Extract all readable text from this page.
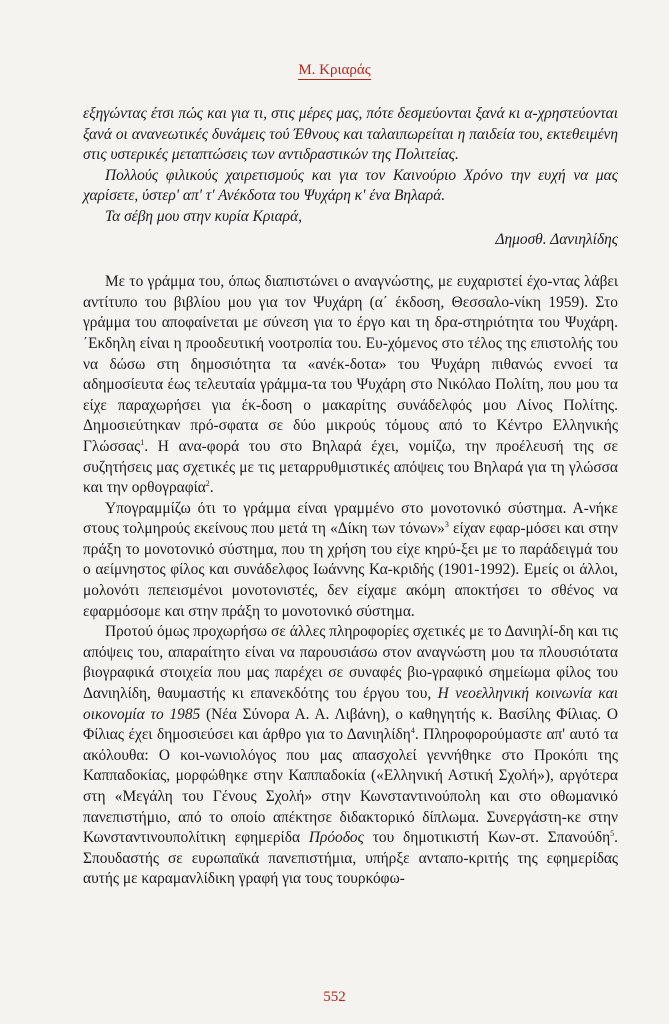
Μ. Κριαράς

εξηγώντας έτσι πώς και για τι, στις μέρες μας, πότε δεσμεύονται ξανά κι α-χρηστεύονται ξανά οι ανανεωτικές δυνάμεις τού Έθνους και ταλαιπωρείται η παιδεία του, εκτεθειμένη στις υστερικές μεταπτώσεις των αντιδραστικών της Πολιτείας.

Πολλούς φιλικούς χαιρετισμούς και για τον Καινούριο Χρόνο την ευχή να μας χαρίσετε, ύστερ' απ' τ' Ανέκδοτα του Ψυχάρη κ' ένα Βηλαρά.

Τα σέβη μου στην κυρία Κριαρά,

Δημοσθ. Δανιηλίδης

Με το γράμμα του, όπως διαπιστώνει ο αναγνώστης, με ευχαριστεί έχο-ντας λάβει αντίτυπο του βιβλίου μου για τον Ψυχάρη (α΄ έκδοση, Θεσσαλο-νίκη 1959). Στο γράμμα του αποφαίνεται με σύνεση για το έργο και τη δρα-στηριότητα του Ψυχάρη. ΄Εκδηλη είναι η προοδευτική νοοτροπία του. Ευ-χόμενος στο τέλος της επιστολής του να δώσω στη δημοσιότητα τα «ανέκ-δοτα» του Ψυχάρη πιθανώς εννοεί τα αδημοσίευτα έως τελευταία γράμμα-τα του Ψυχάρη στο Νικόλαο Πολίτη, που μου τα είχε παραχωρήσει για έκ-δοση ο μακαρίτης συνάδελφός μου Λίνος Πολίτης. Δημοσιεύτηκαν πρό-σφατα σε δύο μικρούς τόμους από το Κέντρο Ελληνικής Γλώσσας$^1$. Η ανα-φορά του στο Βηλαρά έχει, νομίζω, την προέλευσή της σε συζητήσεις μας σχετικές με τις μεταρρυθμιστικές απόψεις του Βηλαρά για τη γλώσσα και την ορθογραφία$^2$.

Υπογραμμίζω ότι το γράμμα είναι γραμμένο στο μονοτονικό σύστημα. Α-νήκε στους τολμηρούς εκείνους που μετά τη «Δίκη των τόνων»$^3$ είχαν εφαρ-μόσει και στην πράξη το μονοτονικό σύστημα, που τη χρήση του είχε κηρύ-ξει με το παράδειγμά του ο αείμνηστος φίλος και συνάδελφος Ιωάννης Κα-κριδής (1901-1992). Εμείς οι άλλοι, μολονότι πεπεισμένοι μονοτονιστές, δεν είχαμε ακόμη αποκτήσει το σθένος να εφαρμόσομε και στην πράξη το μονοτονικό σύστημα.

Προτού όμως προχωρήσω σε άλλες πληροφορίες σχετικές με το Δανιηλί-δη και τις απόψεις του, απαραίτητο είναι να παρουσιάσω στον αναγνώστη μου τα πλουσιότατα βιογραφικά στοιχεία που μας παρέχει σε συναφές βιο-γραφικό σημείωμα φίλος του Δανιηλίδη, θαυμαστής κι επανεκδότης του έργου του, Η νεοελληνική κοινωνία και οικονομία το 1985 (Νέα Σύνορα Α. Α. Λιβάνη), ο καθηγητής κ. Βασίλης Φίλιας. Ο Φίλιας έχει δημοσιεύσει και άρθρο για το Δανιηλίδη$^4$. Πληροφορούμαστε απ' αυτό τα ακόλουθα: Ο κοι-νωνιολόγος που μας απασχολεί γεννήθηκε στο Προκόπι της Καππαδοκίας, μορφώθηκε στην Καππαδοκία («Ελληνική Αστική Σχολή»), αργότερα στη «Μεγάλη του Γένους Σχολή» στην Κωνσταντινούπολη και στο οθωμανικό πανεπιστήμιο, από το οποίο απέκτησε διδακτορικό δίπλωμα. Συνεργάστη-κε στην Κωνσταντινουπολίτικη εφημερίδα Πρόοδος του δημοτικιστή Κων-στ. Σπανούδη$^5$. Σπουδαστής σε ευρωπαϊκά πανεπιστήμια, υπήρξε ανταπο-κριτής της εφημερίδας αυτής με καραμανλίδικη γραφή για τους τουρκόφω-

552
